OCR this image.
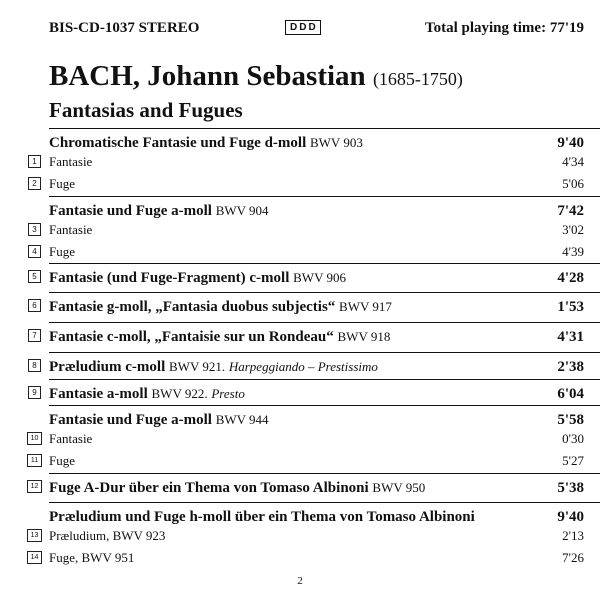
BIS-CD-1037 STEREO	DDD	Total playing time: 77'19
BACH, Johann Sebastian (1685-1750)
Fantasias and Fugues
Chromatische Fantasie und Fuge d-moll BWV 903	9'40
1 Fantasie	4'34
2 Fuge	5'06
Fantasie und Fuge a-moll BWV 904	7'42
3 Fantasie	3'02
4 Fuge	4'39
5 Fantasie (und Fuge-Fragment) c-moll BWV 906	4'28
6 Fantasie g-moll, „Fantasia duobus subjectis“ BWV 917	1'53
7 Fantasie c-moll, „Fantaisie sur un Rondeau“ BWV 918	4'31
8 Præludium c-moll BWV 921. Harpeggiando – Prestissimo	2'38
9 Fantasie a-moll BWV 922. Presto	6'04
Fantasie und Fuge a-moll BWV 944	5'58
10 Fantasie	0'30
11 Fuge	5'27
12 Fuge A-Dur über ein Thema von Tomaso Albinoni BWV 950	5'38
Præludium und Fuge h-moll über ein Thema von Tomaso Albinoni	9'40
13 Præludium, BWV 923	2'13
14 Fuge, BWV 951	7'26
2
